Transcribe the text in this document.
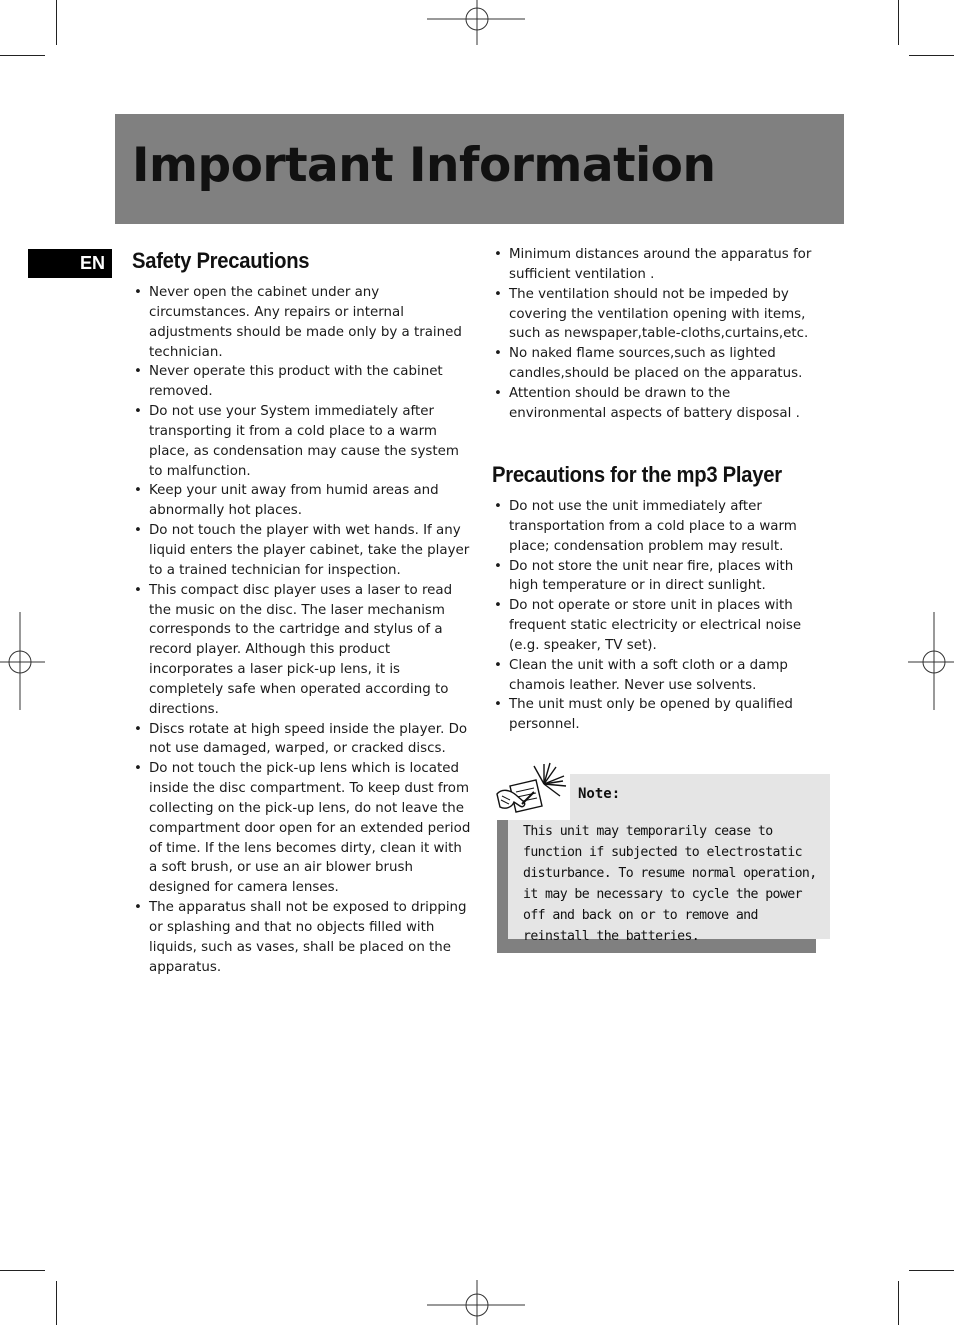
Important Information
EN	Safety Precautions
• Never open the cabinet under any circumstances. Any repairs or internal adjustments should be made only by a trained technician.
• Never operate this product with the cabinet removed.
• Do not use your System immediately after transporting it from a cold place to a warm place, as condensation may cause the system to malfunction.
• Keep your unit away from humid areas and abnormally hot places.
• Do not touch the player with wet hands. If any liquid enters the player cabinet, take the player to a trained technician for inspection.
• This compact disc player uses a laser to read the music on the disc. The laser mechanism corresponds to the cartridge and stylus of a record player. Although this product incorporates a laser pick-up lens, it is completely safe when operated according to directions.
• Discs rotate at high speed inside the player. Do not use damaged, warped, or cracked discs.
• Do not touch the pick-up lens which is located inside the disc compartment. To keep dust from collecting on the pick-up lens, do not leave the compartment door open for an extended period of time. If the lens becomes dirty, clean it with a soft brush, or use an air blower brush designed for camera lenses.
• The apparatus shall not be exposed to dripping or splashing and that no objects filled with liquids, such as vases, shall be placed on the apparatus.
• Minimum distances around the apparatus for sufficient ventilation .
• The ventilation should not be impeded by covering the ventilation opening with items, such as newspaper,table-cloths,curtains,etc.
• No naked flame sources,such as lighted candles,should be placed on the apparatus.
• Attention should be drawn to the environmental aspects of battery disposal .
Precautions for the mp3 Player
• Do not use the unit immediately after transportation from a cold place to a warm place; condensation problem may result.
• Do not store the unit near fire, places with high temperature or in direct sunlight.
• Do not operate or store unit in places with frequent static electricity or electrical noise (e.g. speaker, TV set).
• Clean the unit with a soft cloth or a damp chamois leather. Never use solvents.
• The unit must only be opened by qualified personnel.
Note:

This unit may temporarily cease to function if subjected to electrostatic disturbance. To resume normal operation, it may be necessary to cycle the power off and back on or to remove and reinstall the batteries.
